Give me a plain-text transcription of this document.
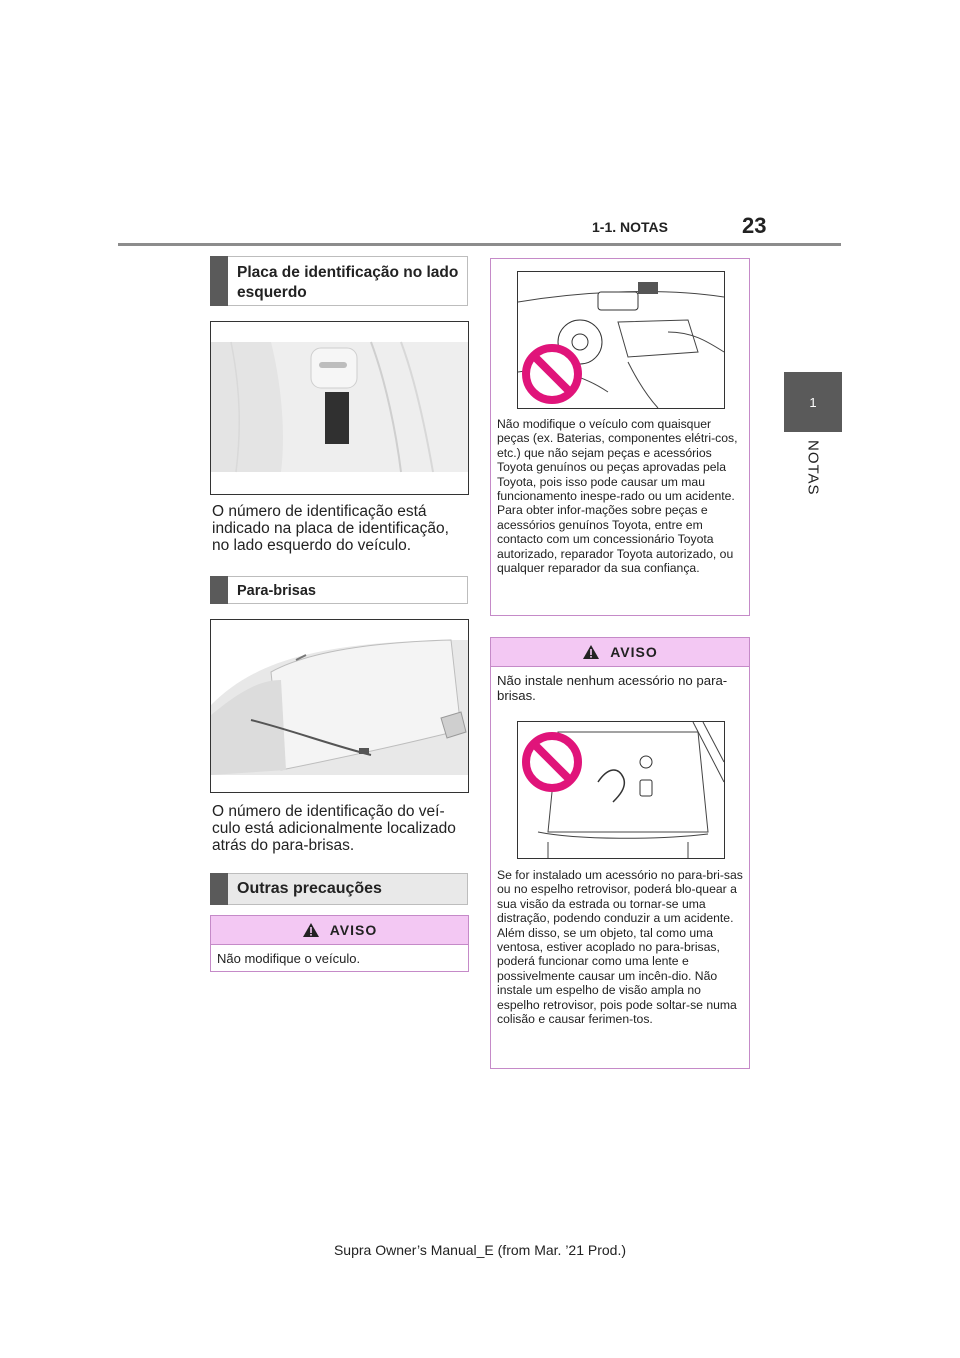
1-1. NOTAS	23
1
NOTAS
Placa de identificação no lado esquerdo
O número de identificação está indicado na placa de identificação, no lado esquerdo do veículo.
Para-brisas
O número de identificação do veí-culo está adicionalmente localizado atrás do para-brisas.
Outras precauções
AVISO
Não modifique o veículo.
Não modifique o veículo com quaisquer peças (ex. Baterias, componentes elétri-cos, etc.) que não sejam peças e acessórios Toyota genuínos ou peças aprovadas pela Toyota, pois isso pode causar um mau funcionamento inespe-rado ou um acidente. Para obter infor-mações sobre peças e acessórios genuínos Toyota, entre em contacto com um concessionário Toyota autorizado, reparador Toyota autorizado, ou qualquer reparador da sua confiança.
AVISO
Não instale nenhum acessório no para-brisas.
Se for instalado um acessório no para-bri-sas ou no espelho retrovisor, poderá blo-quear a sua visão da estrada ou tornar-se uma distração, podendo conduzir a um acidente. Além disso, se um objeto, tal como uma ventosa, estiver acoplado no para-brisas, poderá funcionar como uma lente e possivelmente causar um incên-dio. Não instale um espelho de visão ampla no espelho retrovisor, pois pode soltar-se numa colisão e causar ferimen-tos.
Supra Owner’s Manual_E (from Mar. ’21 Prod.)
